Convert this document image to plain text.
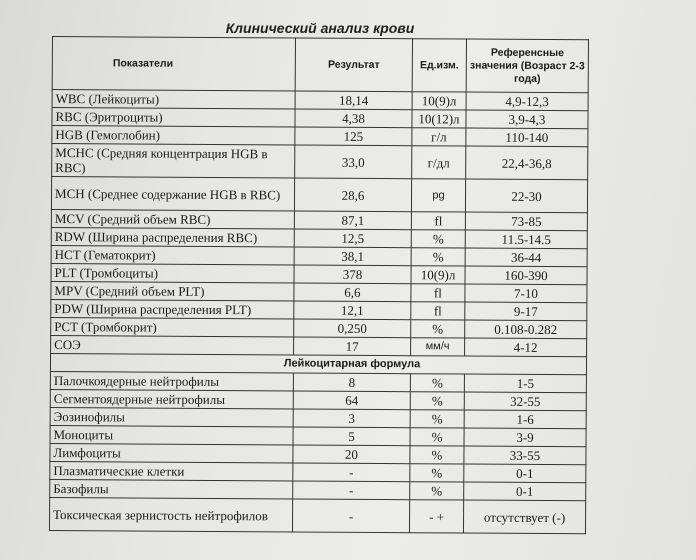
Клинический анализ крови
Показатели	Результат	Ед.изм.	Референсные значения (Возраст 2-3 года)
WBC (Лейкоциты)	18,14	10(9)л	4,9-12,3
RBC (Эритроциты)	4,38	10(12)л	3,9-4,3
HGB (Гемоглобин)	125	г/л	110-140
MCHC (Средняя концентрация HGB в RBC)	33,0	г/дл	22,4-36,8
MCH (Среднее содержание HGB в RBC)	28,6	pg	22-30
MCV (Средний объем RBC)	87,1	fl	73-85
RDW (Ширина распределения RBC)	12,5	%	11.5-14.5
HCT (Гематокрит)	38,1	%	36-44
PLT (Тромбоциты)	378	10(9)л	160-390
MPV (Средний объем PLT)	6,6	fl	7-10
PDW (Ширина распределения PLT)	12,1	fl	9-17
PCT (Тромбокрит)	0,250	%	0.108-0.282
СОЭ	17	мм/ч	4-12
Лейкоцитарная формула			
Палочкоядерные нейтрофилы	8	%	1-5
Сегментоядерные нейтрофилы	64	%	32-55
Эозинофилы	3	%	1-6
Моноциты	5	%	3-9
Лимфоциты	20	%	33-55
Плазматические клетки	-	%	0-1
Базофилы	-	%	0-1
Токсическая зернистость нейтрофилов	-	- +	отсутствует (-)
